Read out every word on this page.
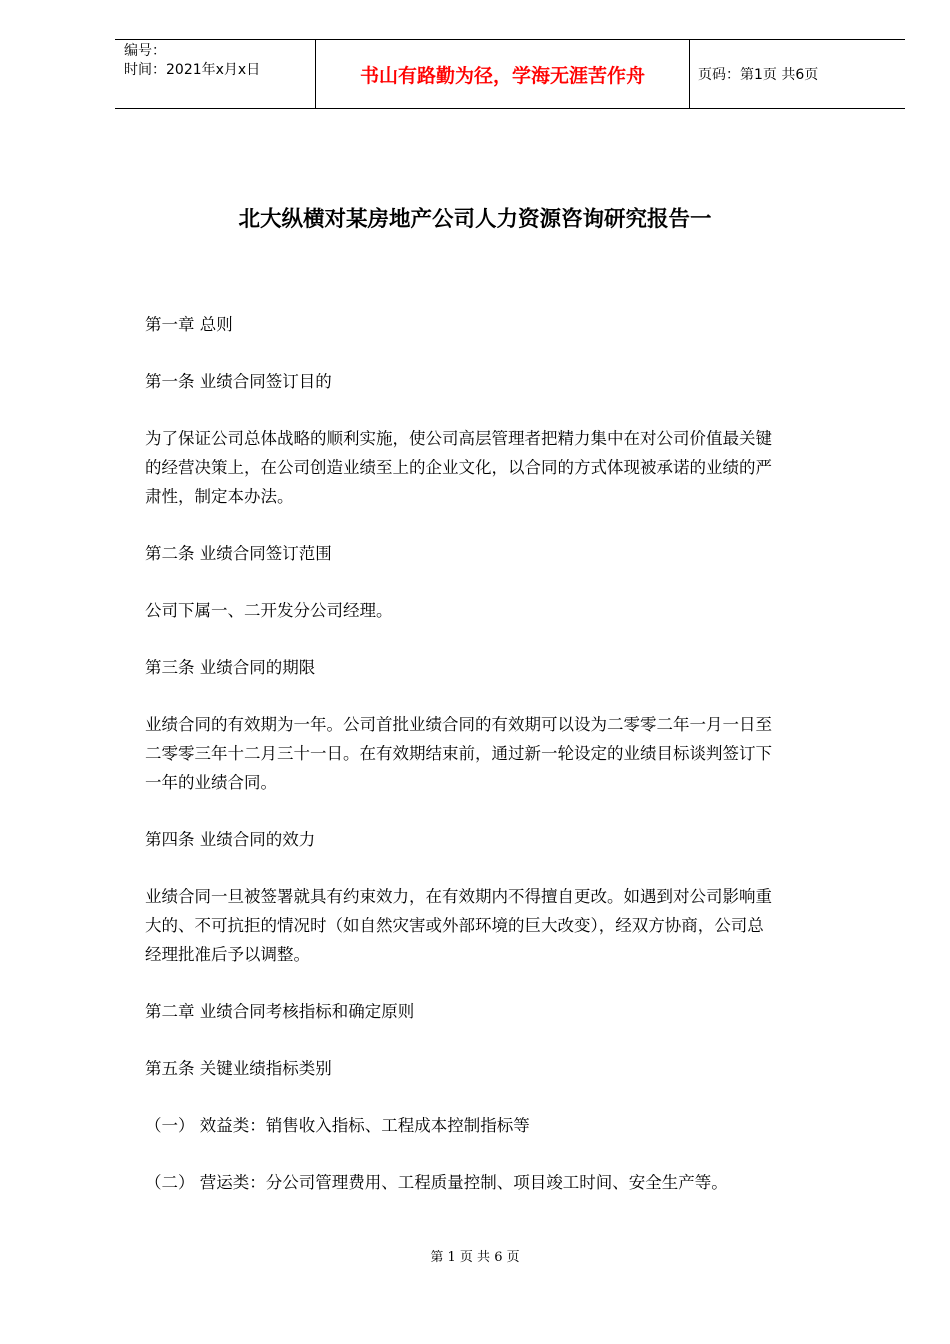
编号：
时间：2021年x月x日	书山有路勤为径，学海无涯苦作舟	页码：第1页 共6页
北大纵横对某房地产公司人力资源咨询研究报告一
第一章 总则
第一条 业绩合同签订目的
为了保证公司总体战略的顺利实施，使公司高层管理者把精力集中在对公司价值最关键
的经营决策上，在公司创造业绩至上的企业文化，以合同的方式体现被承诺的业绩的严
肃性，制定本办法。
第二条 业绩合同签订范围
公司下属一、二开发分公司经理。
第三条 业绩合同的期限
业绩合同的有效期为一年。公司首批业绩合同的有效期可以设为二零零二年一月一日至
二零零三年十二月三十一日。在有效期结束前，通过新一轮设定的业绩目标谈判签订下
一年的业绩合同。
第四条 业绩合同的效力
业绩合同一旦被签署就具有约束效力，在有效期内不得擅自更改。如遇到对公司影响重
大的、不可抗拒的情况时（如自然灾害或外部环境的巨大改变），经双方协商，公司总
经理批准后予以调整。
第二章 业绩合同考核指标和确定原则
第五条 关键业绩指标类别
（一） 效益类：销售收入指标、工程成本控制指标等
（二） 营运类：分公司管理费用、工程质量控制、项目竣工时间、安全生产等。
第 1 页 共 6 页
